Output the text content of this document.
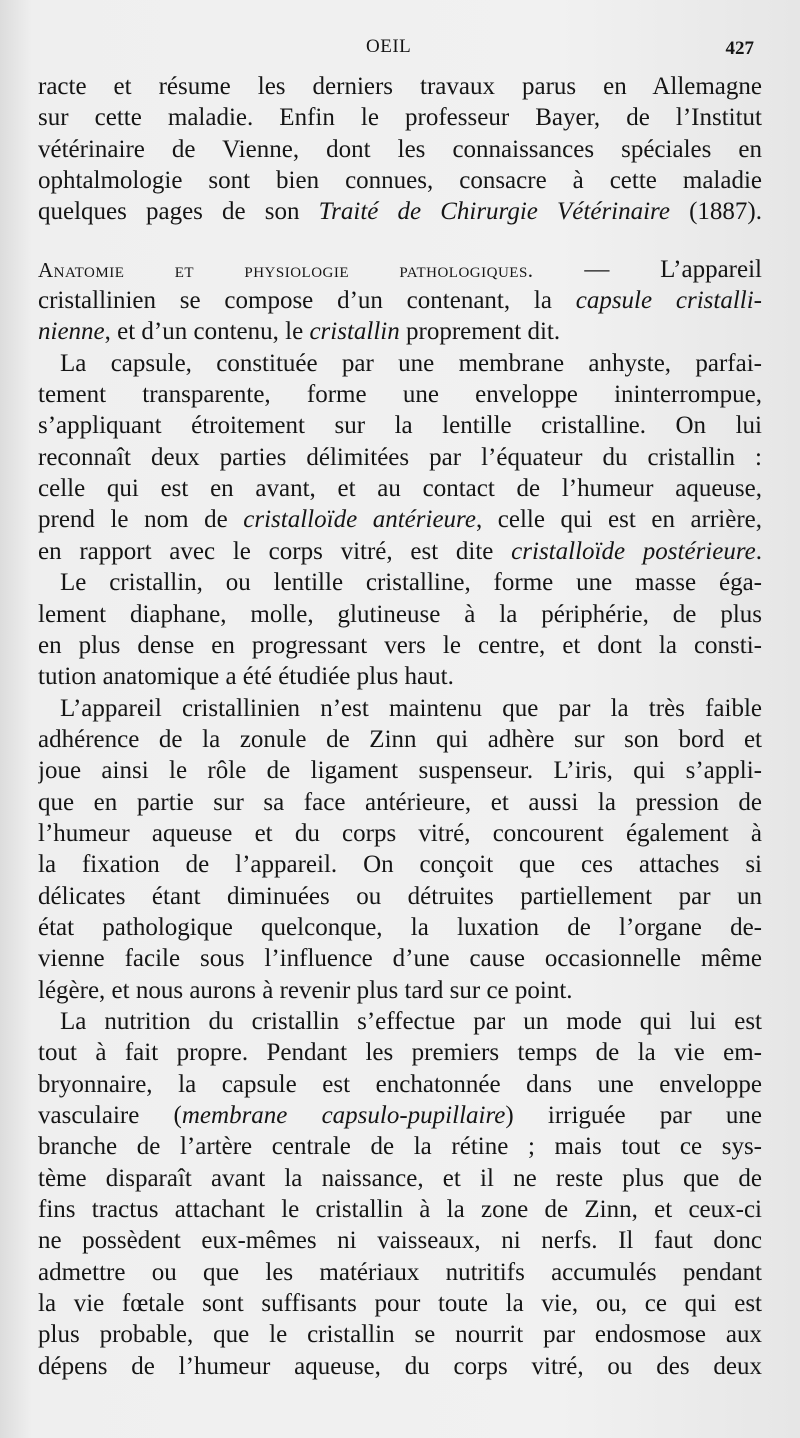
OEIL	427
racte et résume les derniers travaux parus en Allemagne
sur cette maladie. Enfin le professeur Bayer, de l’Institut
vétérinaire de Vienne, dont les connaissances spéciales en
ophtalmologie sont bien connues, consacre à cette maladie
quelques pages de son Traité de Chirurgie Vétérinaire (1887).
Anatomie et physiologie pathologiques. — L’appareil
cristallinien se compose d’un contenant, la capsule cristalli-
nienne, et d’un contenu, le cristallin proprement dit.
La capsule, constituée par une membrane anhyste, parfai-
tement transparente, forme une enveloppe ininterrompue,
s’appliquant étroitement sur la lentille cristalline. On lui
reconnaît deux parties délimitées par l’équateur du cristallin :
celle qui est en avant, et au contact de l’humeur aqueuse,
prend le nom de cristalloïde antérieure, celle qui est en arrière,
en rapport avec le corps vitré, est dite cristalloïde postérieure.
Le cristallin, ou lentille cristalline, forme une masse éga-
lement diaphane, molle, glutineuse à la périphérie, de plus
en plus dense en progressant vers le centre, et dont la consti-
tution anatomique a été étudiée plus haut.
L’appareil cristallinien n’est maintenu que par la très faible
adhérence de la zonule de Zinn qui adhère sur son bord et
joue ainsi le rôle de ligament suspenseur. L’iris, qui s’appli-
que en partie sur sa face antérieure, et aussi la pression de
l’humeur aqueuse et du corps vitré, concourent également à
la fixation de l’appareil. On conçoit que ces attaches si
délicates étant diminuées ou détruites partiellement par un
état pathologique quelconque, la luxation de l’organe de-
vienne facile sous l’influence d’une cause occasionnelle même
légère, et nous aurons à revenir plus tard sur ce point.
La nutrition du cristallin s’effectue par un mode qui lui est
tout à fait propre. Pendant les premiers temps de la vie em-
bryonnaire, la capsule est enchatonnée dans une enveloppe
vasculaire (membrane capsulo-pupillaire) irriguée par une
branche de l’artère centrale de la rétine ; mais tout ce sys-
tème disparaît avant la naissance, et il ne reste plus que de
fins tractus attachant le cristallin à la zone de Zinn, et ceux-ci
ne possèdent eux-mêmes ni vaisseaux, ni nerfs. Il faut donc
admettre ou que les matériaux nutritifs accumulés pendant
la vie fœtale sont suffisants pour toute la vie, ou, ce qui est
plus probable, que le cristallin se nourrit par endosmose aux
dépens de l’humeur aqueuse, du corps vitré, ou des deux
